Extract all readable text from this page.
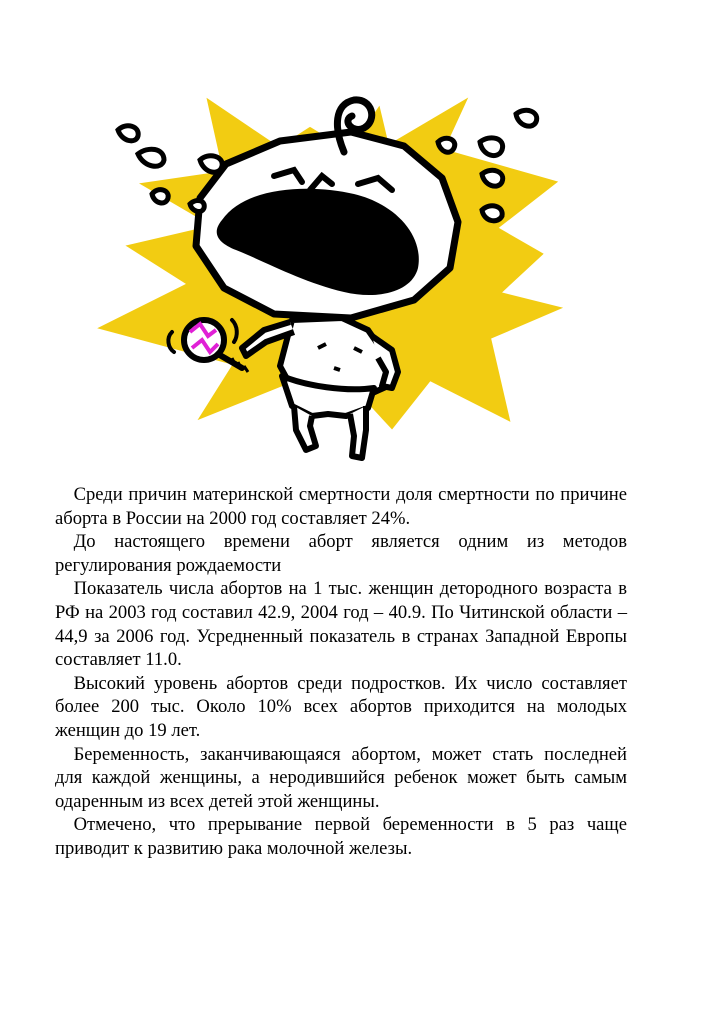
 Среди причин материнской смертности доля смертности по причине аборта в России на 2000 год составляет 24%.

 До настоящего времени аборт является одним из методов регулирования рождаемости

 Показатель числа абортов на 1 тыс. женщин детородного возраста в РФ на 2003 год составил 42.9, 2004 год – 40.9. По Читинской области – 44,9 за 2006 год. Усредненный показатель в странах Западной Европы составляет 11.0.

 Высокий уровень абортов среди подростков. Их число составляет более 200 тыс. Около 10% всех абортов приходится на молодых женщин до 19 лет.

 Беременность, заканчивающаяся абортом, может стать последней для каждой женщины, а неродившийся ребенок может быть самым одаренным из всех детей этой женщины.

 Отмечено, что прерывание первой беременности в 5 раз чаще приводит к развитию рака молочной железы.
